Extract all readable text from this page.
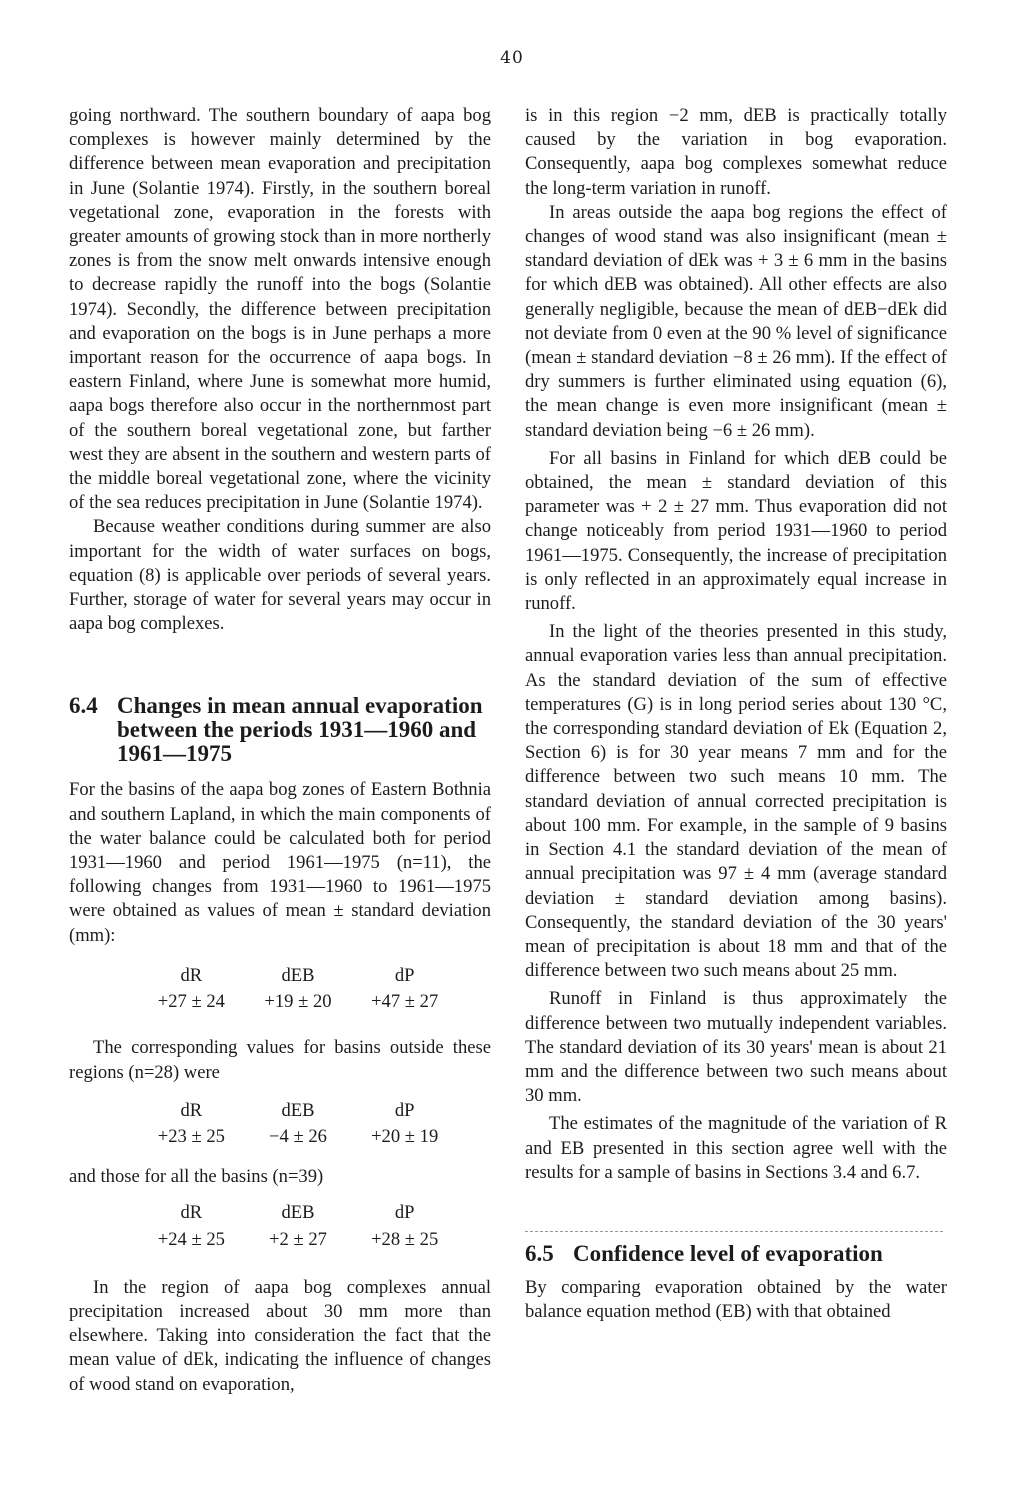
40

going northward. The southern boundary of aapa bog complexes is however mainly determined by the difference between mean evaporation and precipitation in June (Solantie 1974). Firstly, in the southern boreal vegetational zone, evaporation in the forests with greater amounts of growing stock than in more northerly zones is from the snow melt onwards intensive enough to decrease rapidly the runoff into the bogs (Solantie 1974). Secondly, the difference between precipitation and evaporation on the bogs is in June perhaps a more important reason for the occurrence of aapa bogs. In eastern Finland, where June is somewhat more humid, aapa bogs therefore also occur in the northernmost part of the southern boreal vegetational zone, but farther west they are absent in the southern and western parts of the middle boreal vegetational zone, where the vicinity of the sea reduces precipitation in June (Solantie 1974).

Because weather conditions during summer are also important for the width of water surfaces on bogs, equation (8) is applicable over periods of several years. Further, storage of water for several years may occur in aapa bog complexes.

6.4 Changes in mean annual evaporation between the periods 1931—1960 and 1961—1975

For the basins of the aapa bog zones of Eastern Bothnia and southern Lapland, in which the main components of the water balance could be calculated both for period 1931—1960 and period 1961—1975 (n=11), the following changes from 1931—1960 to 1961—1975 were obtained as values of mean ± standard deviation (mm):

dR	dEB	dP
+27 ± 24	+19 ± 20	+47 ± 27

The corresponding values for basins outside these regions (n=28) were

dR	dEB	dP
+23 ± 25	−4 ± 26	+20 ± 19

and those for all the basins (n=39)

dR	dEB	dP
+24 ± 25	+2 ± 27	+28 ± 25

In the region of aapa bog complexes annual precipitation increased about 30 mm more than elsewhere. Taking into consideration the fact that the mean value of dEk, indicating the influence of changes of wood stand on evaporation,

is in this region −2 mm, dEB is practically totally caused by the variation in bog evaporation. Consequently, aapa bog complexes somewhat reduce the long-term variation in runoff.

In areas outside the aapa bog regions the effect of changes of wood stand was also insignificant (mean ± standard deviation of dEk was + 3 ± 6 mm in the basins for which dEB was obtained). All other effects are also generally negligible, because the mean of dEB−dEk did not deviate from 0 even at the 90 % level of significance (mean ± standard deviation −8 ± 26 mm). If the effect of dry summers is further eliminated using equation (6), the mean change is even more insignificant (mean ± standard deviation being −6 ± 26 mm).

For all basins in Finland for which dEB could be obtained, the mean ± standard deviation of this parameter was + 2 ± 27 mm. Thus evaporation did not change noticeably from period 1931—1960 to period 1961—1975. Consequently, the increase of precipitation is only reflected in an approximately equal increase in runoff.

In the light of the theories presented in this study, annual evaporation varies less than annual precipitation. As the standard deviation of the sum of effective temperatures (G) is in long period series about 130 °C, the corresponding standard deviation of Ek (Equation 2, Section 6) is for 30 year means 7 mm and for the difference between two such means 10 mm. The standard deviation of annual corrected precipitation is about 100 mm. For example, in the sample of 9 basins in Section 4.1 the standard deviation of the mean of annual precipitation was 97 ± 4 mm (average standard deviation ± standard deviation among basins). Consequently, the standard deviation of the 30 years' mean of precipitation is about 18 mm and that of the difference between two such means about 25 mm.

Runoff in Finland is thus approximately the difference between two mutually independent variables. The standard deviation of its 30 years' mean is about 21 mm and the difference between two such means about 30 mm.

The estimates of the magnitude of the variation of R and EB presented in this section agree well with the results for a sample of basins in Sections 3.4 and 6.7.

6.5 Confidence level of evaporation

By comparing evaporation obtained by the water balance equation method (EB) with that obtained
